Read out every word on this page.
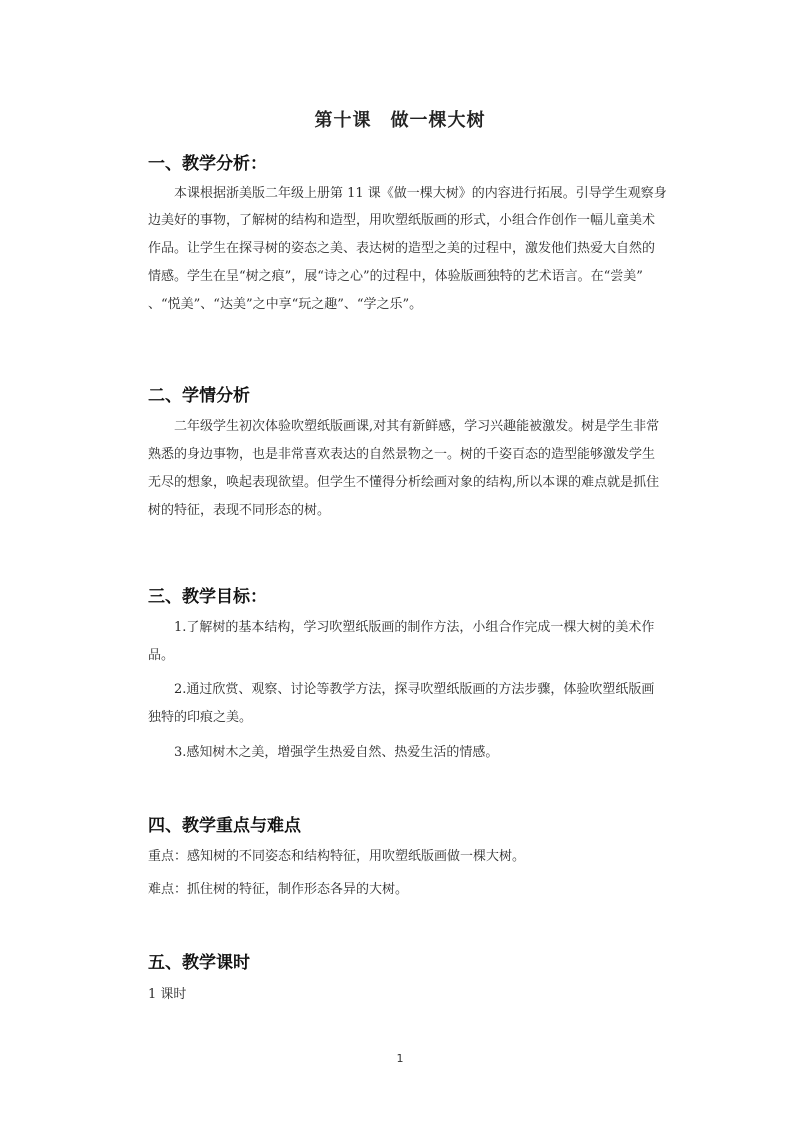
第十课　做一棵大树
一、教学分析：
　　本课根据浙美版二年级上册第 11 课《做一棵大树》的内容进行拓展。引导学生观察身
边美好的事物，了解树的结构和造型，用吹塑纸版画的形式，小组合作创作一幅儿童美术
作品。让学生在探寻树的姿态之美、表达树的造型之美的过程中，激发他们热爱大自然的
情感。学生在呈“树之痕”，展“诗之心”的过程中，体验版画独特的艺术语言。在“尝美”
、“悦美”、“达美”之中享“玩之趣”、“学之乐”。
二、学情分析
　　二年级学生初次体验吹塑纸版画课,对其有新鲜感，学习兴趣能被激发。树是学生非常
熟悉的身边事物，也是非常喜欢表达的自然景物之一。树的千姿百态的造型能够激发学生
无尽的想象，唤起表现欲望。但学生不懂得分析绘画对象的结构,所以本课的难点就是抓住
树的特征，表现不同形态的树。
三、教学目标：
　　1.了解树的基本结构，学习吹塑纸版画的制作方法，小组合作完成一棵大树的美术作
品。
　　2.通过欣赏、观察、讨论等教学方法，探寻吹塑纸版画的方法步骤，体验吹塑纸版画
独特的印痕之美。
　　3.感知树木之美，增强学生热爱自然、热爱生活的情感。
四、教学重点与难点
重点：感知树的不同姿态和结构特征，用吹塑纸版画做一棵大树。
难点：抓住树的特征，制作形态各异的大树。
五、教学课时
1 课时
1
